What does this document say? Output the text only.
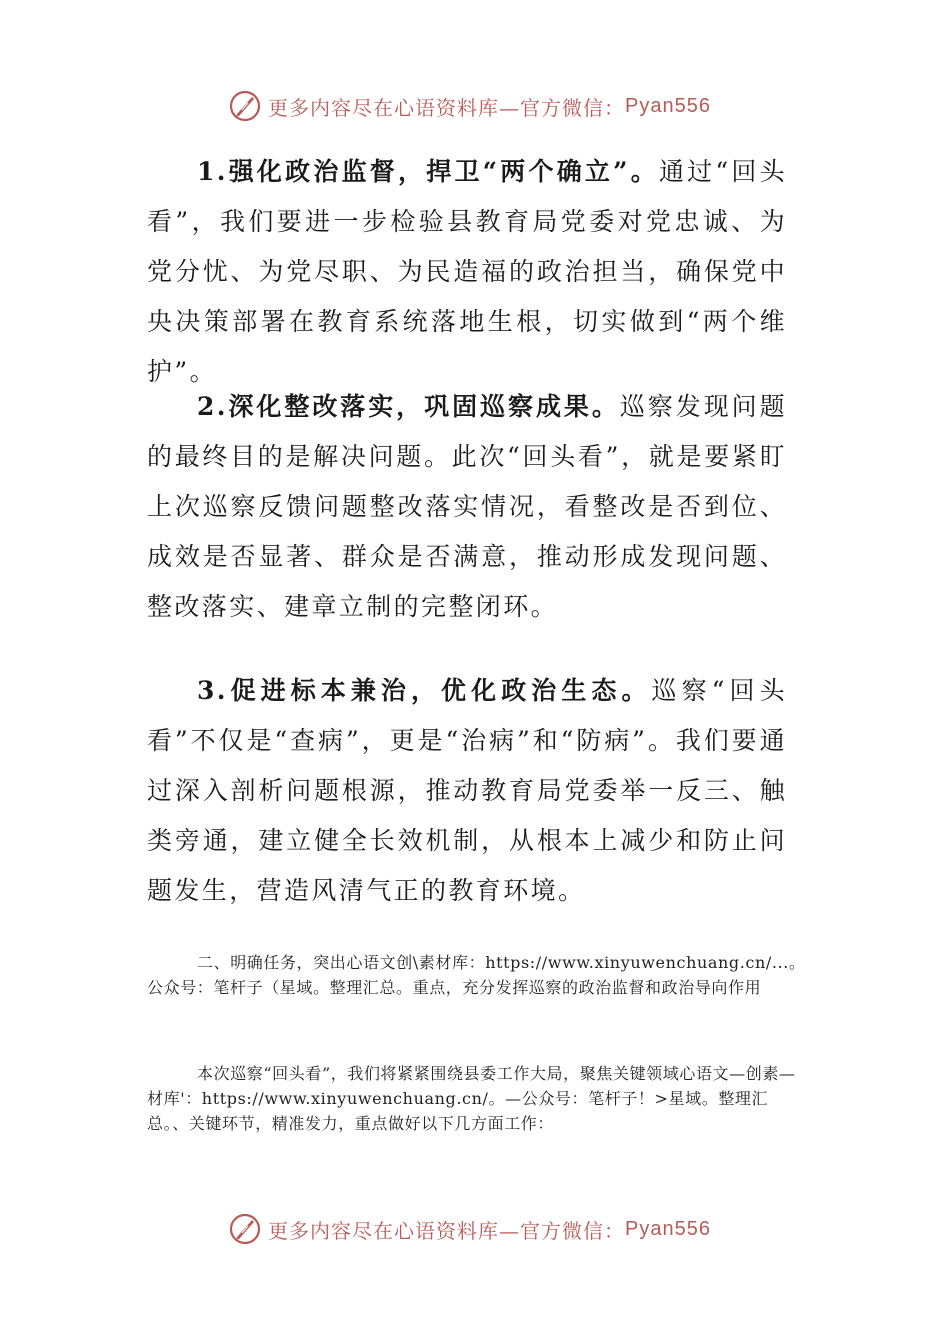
更多内容尽在心语资料库—官方微信： Pyan556

1.强化政治监督，捍卫“两个确立”。通过“回头看”，我们要进一步检验县教育局党委对党忠诚、为党分忧、为党尽职、为民造福的政治担当，确保党中央决策部署在教育系统落地生根，切实做到“两个维护”。

2.深化整改落实，巩固巡察成果。巡察发现问题的最终目的是解决问题。此次“回头看”，就是要紧盯上次巡察反馈问题整改落实情况，看整改是否到位、成效是否显著、群众是否满意，推动形成发现问题、整改落实、建章立制的完整闭环。

3.促进标本兼治，优化政治生态。巡察“回头看”不仅是“查病”，更是“治病”和“防病”。我们要通过深入剖析问题根源，推动教育局党委举一反三、触类旁通，建立健全长效机制，从根本上减少和防止问题发生，营造风清气正的教育环境。

二、明确任务，突出心语文创\素材库：https://www.xinyuwenchuang.cn/...。公众号：笔杆子（星域。整理汇总。重点，充分发挥巡察的政治监督和政治导向作用

本次巡察“回头看”，我们将紧紧围绕县委工作大局，聚焦关键领域心语文—创素—材库'：https://www.xinyuwenchuang.cn/。—公众号：笔杆子！>星域。整理汇总。、关键环节，精准发力，重点做好以下几方面工作：

更多内容尽在心语资料库—官方微信： Pyan556
